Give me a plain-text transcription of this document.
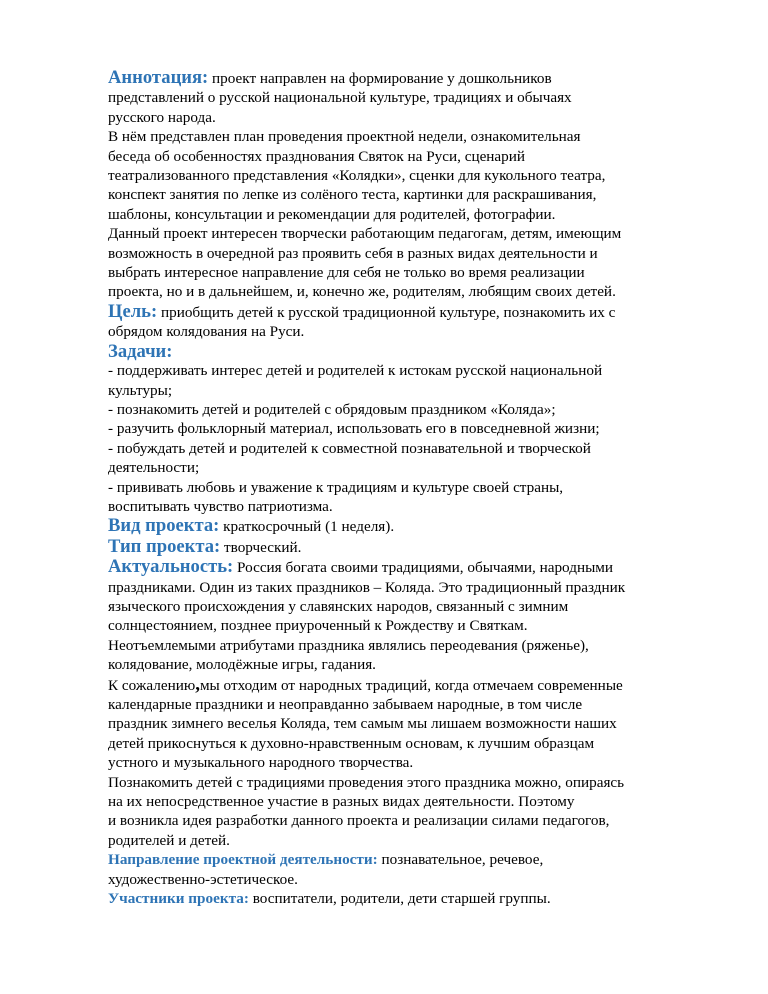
Аннотация: проект направлен на формирование у дошкольников
представлений о русской национальной культуре, традициях и обычаях
русского народа.
В нём представлен план проведения проектной недели, ознакомительная
беседа об особенностях празднования Святок на Руси, сценарий
театрализованного представления «Колядки», сценки для кукольного театра,
конспект занятия по лепке из солёного теста, картинки для раскрашивания,
шаблоны, консультации и рекомендации для родителей, фотографии.
Данный проект интересен творчески работающим педагогам, детям, имеющим
возможность в очередной раз проявить себя в разных видах деятельности и
выбрать интересное направление для себя не только во время реализации
проекта, но и в дальнейшем, и, конечно же, родителям, любящим своих детей.
Цель: приобщить детей к русской традиционной культуре, познакомить их с
обрядом колядования на Руси.
Задачи:
- поддерживать интерес детей и родителей к истокам русской национальной
культуры;
- познакомить детей и родителей с обрядовым праздником «Коляда»;
- разучить фольклорный материал, использовать его в повседневной жизни;
- побуждать детей и родителей к совместной познавательной и творческой
деятельности;
- прививать любовь и уважение к традициям и культуре своей страны,
воспитывать чувство патриотизма.
Вид проекта: краткосрочный (1 неделя).
Тип проекта: творческий.
Актуальность: Россия богата своими традициями, обычаями, народными
праздниками. Один из таких праздников – Коляда. Это традиционный праздник
языческого происхождения у славянских народов, связанный с зимним
солнцестоянием, позднее приуроченный к Рождеству и Святкам.
Неотъемлемыми атрибутами праздника являлись переодевания (ряженье),
колядование, молодёжные игры, гадания.
К сожалению,мы отходим от народных традиций, когда отмечаем современные
календарные праздники и неоправданно забываем народные, в том числе
праздник зимнего веселья Коляда, тем самым мы лишаем возможности наших
детей прикоснуться к духовно-нравственным основам, к лучшим образцам
устного и музыкального народного творчества.
Познакомить детей с традициями проведения этого праздника можно, опираясь
на их непосредственное участие в разных видах деятельности. Поэтому
и возникла идея разработки данного проекта и реализации силами педагогов,
родителей и детей.
Направление проектной деятельности: познавательное, речевое,
художественно-эстетическое.
Участники проекта: воспитатели, родители, дети старшей группы.
